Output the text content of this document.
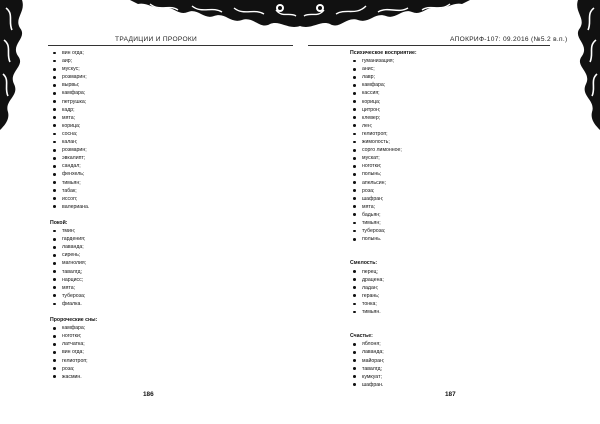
ТРАДИЦИИ И ПРОРОКИ
вин огда;
аир;
мускус;
розмарин;
вырвы;
камфара;
петрушка;
кадр;
мята;
корица;
сосна;
калан;
розмарин;
эвкалипт;
сандал;
фенхель;
тимьян;
табак;
иссоп;
валериана.
Покой:
тмин;
гардения;
лаванда;
сирень;
магнолия;
тавалгд;
нарцисс;
мята;
тубероза;
фиалка.
Пророческие сны:
камфара;
ноготки;
латчатка;
вин огда;
гелиотроп;
роза;
жасмин.
186
АПОКРИФ-107: 09.2016 (№5.2 в.п.)
Психическое восприятие:
гуманизация;
анис;
лавр;
камфара;
кассия;
корица;
цитрон;
клевер;
лен;
гелиотроп;
жимолость;
сорго лимонное;
мускат;
ноготки;
полынь;
апельсин;
роза;
шафран;
мята;
бадьян;
тимьян;
тубероза;
полынь.
Смелость:
перец;
драцена;
ладан;
герань;
тонка;
тимьян.
Счастье:
яблоня;
лаванда;
майоран;
тавалгд;
кумкуат;
шафран.
187
